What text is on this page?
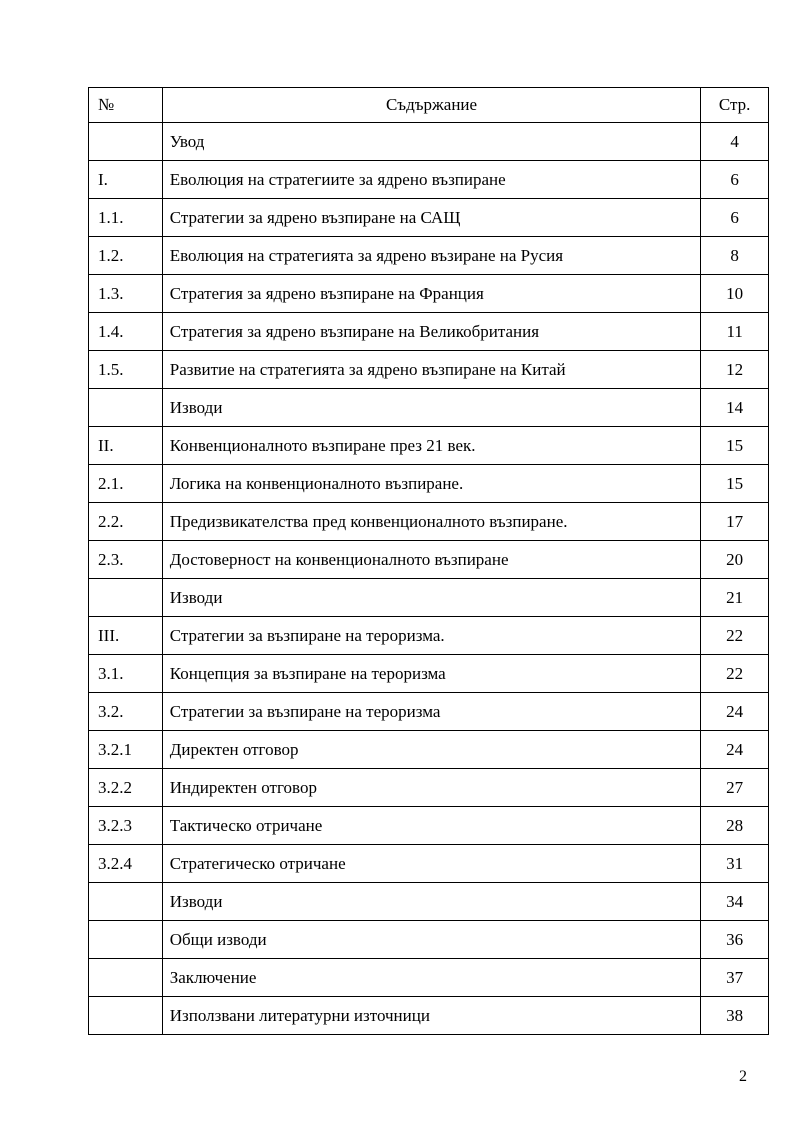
№	Съдържание	Стр.
	Увод	4
I.	Еволюция на стратегиите за ядрено възпиране	6
1.1.	Стратегии за ядрено възпиране на САЩ	6
1.2.	Еволюция на стратегията за ядрено възиране на Русия	8
1.3.	Стратегия за ядрено възпиране на Франция	10
1.4.	Стратегия за ядрено възпиране на Великобритания	11
1.5.	Развитие на стратегията за ядрено възпиране на Китай	12
	Изводи	14
II.	Конвенционалното възпиране през 21 век.	15
2.1.	Логика на конвенционалното възпиране.	15
2.2.	Предизвикателства пред конвенционалното възпиране.	17
2.3.	Достоверност на конвенционалното възпиране	20
	Изводи	21
III.	Стратегии за възпиране на тероризма.	22
3.1.	Концепция за възпиране на тероризма	22
3.2.	Стратегии за възпиране на тероризма	24
3.2.1	Директен отговор	24
3.2.2	Индиректен отговор	27
3.2.3	Тактическо отричане	28
3.2.4	Стратегическо отричане	31
	Изводи	34
	Общи изводи	36
	Заключение	37
	Използвани литературни източници	38
2
